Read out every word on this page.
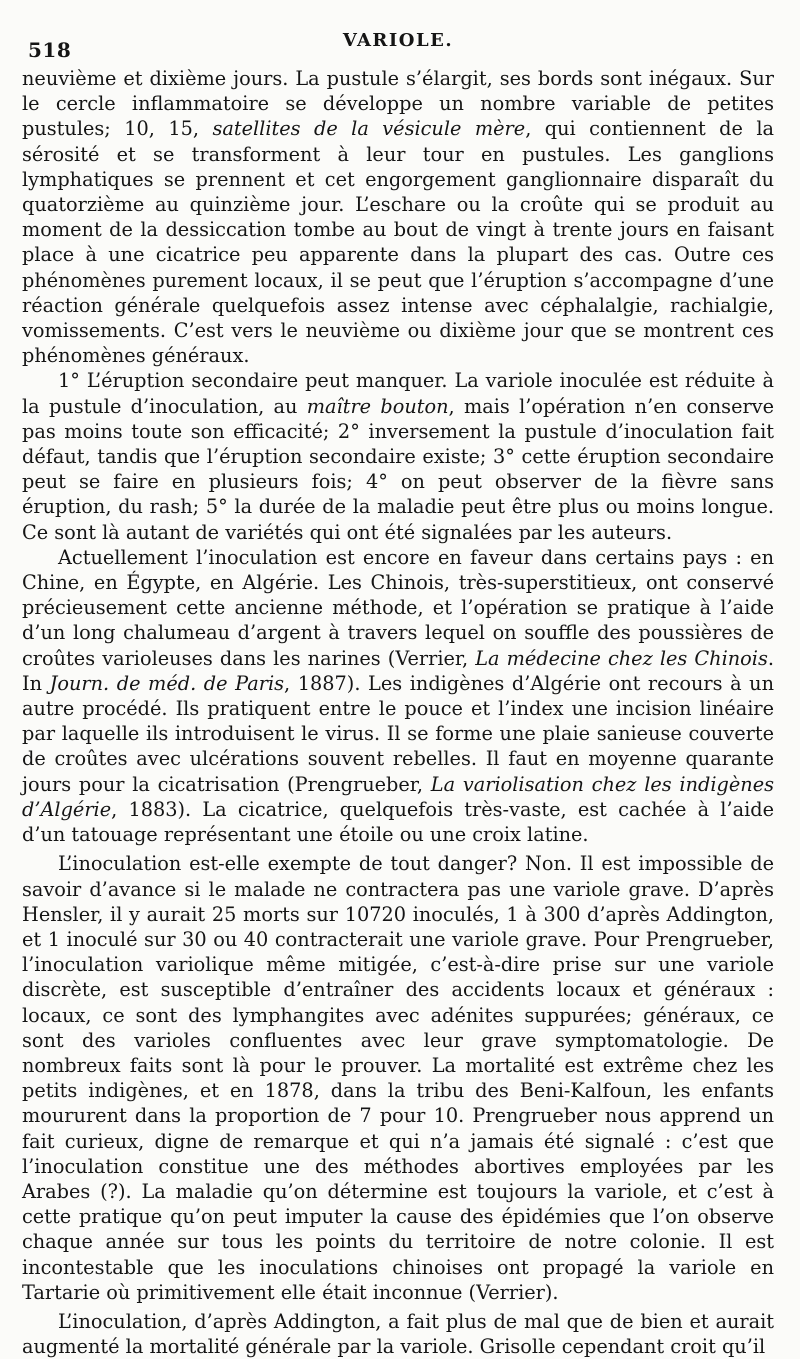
518	VARIOLE.

neuvième et dixième jours. La pustule s’élargit, ses bords sont inégaux. Sur le cercle inflammatoire se développe un nombre variable de petites pustules; 10, 15, satellites de la vésicule mère, qui contiennent de la sérosité et se transforment à leur tour en pustules. Les ganglions lymphatiques se prennent et cet engorgement ganglionnaire disparaît du quatorzième au quinzième jour. L’eschare ou la croûte qui se produit au moment de la dessiccation tombe au bout de vingt à trente jours en faisant place à une cicatrice peu apparente dans la plupart des cas. Outre ces phénomènes purement locaux, il se peut que l’éruption s’accompagne d’une réaction générale quelquefois assez intense avec céphalalgie, rachialgie, vomissements. C’est vers le neuvième ou dixième jour que se montrent ces phénomènes généraux.

1° L’éruption secondaire peut manquer. La variole inoculée est réduite à la pustule d’inoculation, au maître bouton, mais l’opération n’en conserve pas moins toute son efficacité; 2° inversement la pustule d’inoculation fait défaut, tandis que l’éruption secondaire existe; 3° cette éruption secondaire peut se faire en plusieurs fois; 4° on peut observer de la fièvre sans éruption, du rash; 5° la durée de la maladie peut être plus ou moins longue. Ce sont là autant de variétés qui ont été signalées par les auteurs.

Actuellement l’inoculation est encore en faveur dans certains pays : en Chine, en Égypte, en Algérie. Les Chinois, très-superstitieux, ont conservé précieusement cette ancienne méthode, et l’opération se pratique à l’aide d’un long chalumeau d’argent à travers lequel on souffle des poussières de croûtes varioleuses dans les narines (Verrier, La médecine chez les Chinois. In Journ. de méd. de Paris, 1887). Les indigènes d’Algérie ont recours à un autre procédé. Ils pratiquent entre le pouce et l’index une incision linéaire par laquelle ils introduisent le virus. Il se forme une plaie sanieuse couverte de croûtes avec ulcérations souvent rebelles. Il faut en moyenne quarante jours pour la cicatrisation (Prengrueber, La variolisation chez les indigènes d’Algérie, 1883). La cicatrice, quelquefois très-vaste, est cachée à l’aide d’un tatouage représentant une étoile ou une croix latine.

L’inoculation est-elle exempte de tout danger? Non. Il est impossible de savoir d’avance si le malade ne contractera pas une variole grave. D’après Hensler, il y aurait 25 morts sur 10720 inoculés, 1 à 300 d’après Addington, et 1 inoculé sur 30 ou 40 contracterait une variole grave. Pour Prengrueber, l’inoculation variolique même mitigée, c’est-à-dire prise sur une variole discrète, est susceptible d’entraîner des accidents locaux et généraux : locaux, ce sont des lymphangites avec adénites suppurées; généraux, ce sont des varioles confluentes avec leur grave symptomatologie. De nombreux faits sont là pour le prouver. La mortalité est extrême chez les petits indigènes, et en 1878, dans la tribu des Beni-Kalfoun, les enfants moururent dans la proportion de 7 pour 10. Prengrueber nous apprend un fait curieux, digne de remarque et qui n’a jamais été signalé : c’est que l’inoculation constitue une des méthodes abortives employées par les Arabes (?). La maladie qu’on détermine est toujours la variole, et c’est à cette pratique qu’on peut imputer la cause des épidémies que l’on observe chaque année sur tous les points du territoire de notre colonie. Il est incontestable que les inoculations chinoises ont propagé la variole en Tartarie où primitivement elle était inconnue (Verrier).

L’inoculation, d’après Addington, a fait plus de mal que de bien et aurait augmenté la mortalité générale par la variole. Grisolle cependant croit qu’il
